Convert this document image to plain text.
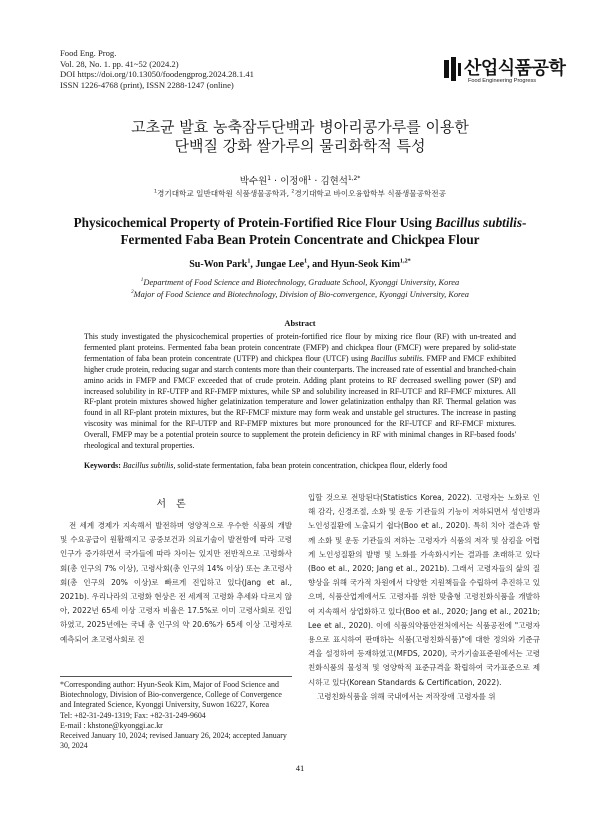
Food Eng. Prog.
Vol. 28, No. 1. pp. 41~52 (2024.2)
DOI https://doi.org/10.13050/foodengprog.2024.28.1.41
ISSN 1226-4768 (print), ISSN 2288-1247 (online)
산업식품공학
Food Engineering Progress
고초균 발효 농축잠두단백과 병아리콩가루를 이용한
단백질 강화 쌀가루의 물리화학적 특성
박수원$^1$ · 이정애$^1$ · 김현석$^{1,2*}$
$^1$경기대학교 일반대학원 식품생물공학과, $^2$경기대학교 바이오융합학부 식품생물공학전공
Physicochemical Property of Protein-Fortified Rice Flour Using Bacillus subtilis-
Fermented Faba Bean Protein Concentrate and Chickpea Flour
Su-Won Park$^1$, Jungae Lee$^1$, and Hyun-Seok Kim$^{1,2*}$
$^1$Department of Food Science and Biotechnology, Graduate School, Kyonggi University, Korea
$^2$Major of Food Science and Biotechnology, Division of Bio-convergence, Kyonggi University, Korea
Abstract
This study investigated the physicochemical properties of protein-fortified rice flour by mixing rice flour (RF) with un-treated and fermented plant proteins. Fermented faba bean protein concentrate (FMFP) and chickpea flour (FMCF) were prepared by solid-state fermentation of faba bean protein concentrate (UTFP) and chickpea flour (UTCF) using Bacillus subtilis. FMFP and FMCF exhibited higher crude protein, reducing sugar and starch contents more than their counterparts. The increased rate of essential and branched-chain amino acids in FMFP and FMCF exceeded that of crude protein. Adding plant proteins to RF decreased swelling power (SP) and increased solubility in RF-UTFP and RF-FMFP mixtures, while SP and solubility increased in RF-UTCF and RF-FMCF mixtures. All RF-plant protein mixtures showed higher gelatinization temperature and lower gelatinization enthalpy than RF. Thermal gelation was found in all RF-plant protein mixtures, but the RF-FMCF mixture may form weak and unstable gel structures. The increase in pasting viscosity was minimal for the RF-UTFP and RF-FMFP mixtures but more pronounced for the RF-UTCF and RF-FMCF mixtures. Overall, FMFP may be a potential protein source to supplement the protein deficiency in RF with minimal changes in RF-based foods' rheological and textural properties.
Keywords: Bacillus subtilis, solid-state fermentation, faba bean protein concentration, chickpea flour, elderly food
서론

전 세계 경제가 지속해서 발전하며 영양적으로 우수한 식품의 개발 및 수요공급이 원활해지고 공중보건과 의료기술이 발전함에 따라 고령인구가 증가하면서 국가들에 따라 차이는 있지만 전반적으로 고령화사회(총 인구의 7% 이상), 고령사회(총 인구의 14% 이상) 또는 초고령사회(총 인구의 20% 이상)로 빠르게 진입하고 있다(Jang et al., 2021b). 우리나라의 고령화 현상은 전 세계적 고령화 추세와 다르지 않아, 2022년 65세 이상 고령자 비율은 17.5%로 이미 고령사회로 진입하였고, 2025년에는 국내 총 인구의 약 20.6%가 65세 이상 고령자로 예측되어 초고령사회로 진

입할 것으로 전망된다(Statistics Korea, 2022). 고령자는 노화로 인해 감각, 신경조절, 소화 및 운동 기관들의 기능이 저하되면서 성인병과 노인성질환에 노출되기 쉽다(Boo et al., 2020). 특히 치아 결손과 함께 소화 및 운동 기관들의 저하는 고령자가 식품의 저작 및 삼킴을 어렵게 노인성질환의 발병 및 노화를 가속화시키는 결과를 초래하고 있다(Boo et al., 2020; Jang et al., 2021b). 그래서 고령자들의 삶의 질 향상을 위해 국가적 차원에서 다양한 지원책들을 수립하여 추진하고 있으며, 식품산업계에서도 고령자를 위한 맞춤형 고령친화식품을 개발하여 지속해서 상업화하고 있다(Boo et al., 2020; Jang et al., 2021b; Lee et al., 2020). 이에 식품의약품안전처에서는 식품공전에 "고령자용으로 표시하여 판매하는 식품(고령친화식품)"에 대한 정의와 기준규격을 설정하여 등재하였고(MFDS, 2020), 국가기술표준원에서는 고령친화식품의 물성적 및 영양학적 표준규격을 확립하여 국가표준으로 제시하고 있다(Korean Standards & Certification, 2022).

고령친화식품을 위해 국내에서는 저작장애 고령자를 위

*Corresponding author: Hyun-Seok Kim, Major of Food Science and Biotechnology, Division of Bio-convergence, College of Convergence and Integrated Science, Kyonggi University, Suwon 16227, Korea
Tel: +82-31-249-1319; Fax: +82-31-249-9604
E-mail : khstone@kyonggi.ac.kr
Received January 10, 2024; revised January 26, 2024; accepted January 30, 2024
41
